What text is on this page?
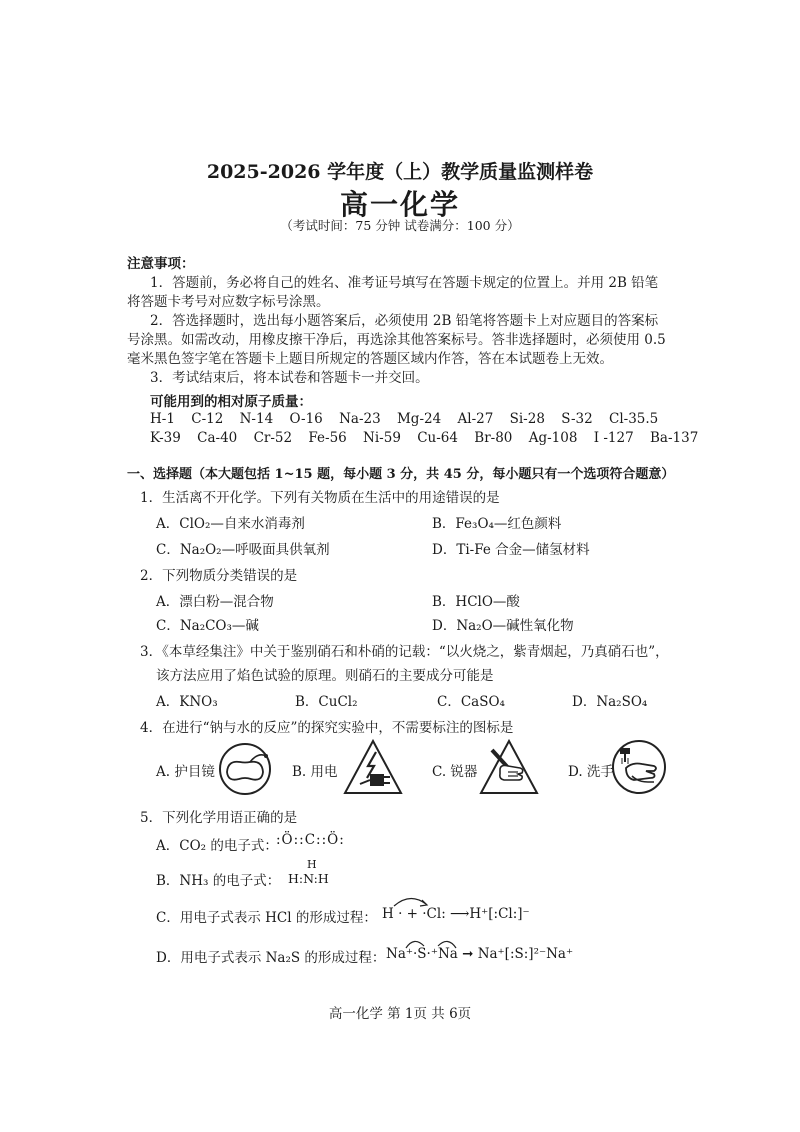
2025-2026 学年度（上）教学质量监测样卷
高一化学
（考试时间：75 分钟 试卷满分：100 分）
注意事项：
1．答题前，务必将自己的姓名、准考证号填写在答题卡规定的位置上。并用 2B 铅笔
将答题卡考号对应数字标号涂黑。
2．答选择题时，选出每小题答案后，必须使用 2B 铅笔将答题卡上对应题目的答案标
号涂黑。如需改动，用橡皮擦干净后，再选涂其他答案标号。答非选择题时，必须使用 0.5
毫米黑色签字笔在答题卡上题目所规定的答题区域内作答，答在本试题卷上无效。
3．考试结束后，将本试卷和答题卡一并交回。
可能用到的相对原子质量：
H-1 C-12 N-14 O-16 Na-23 Mg-24 Al-27 Si-28 S-32 Cl-35.5
K-39 Ca-40 Cr-52 Fe-56 Ni-59 Cu-64 Br-80 Ag-108 I -127 Ba-137
一、选择题（本大题包括 1~15 题，每小题 3 分，共 45 分，每小题只有一个选项符合题意）
1．生活离不开化学。下列有关物质在生活中的用途错误的是
A．ClO₂—自来水消毒剂	B．Fe₃O₄—红色颜料
C．Na₂O₂—呼吸面具供氧剂	D．Ti-Fe 合金—储氢材料
2．下列物质分类错误的是
A．漂白粉—混合物	B．HClO—酸
C．Na₂CO₃—碱	D．Na₂O—碱性氧化物
3．《本草经集注》中关于鉴别硝石和朴硝的记载：“以火烧之，紫青烟起，乃真硝石也”，
该方法应用了焰色试验的原理。则硝石的主要成分可能是
A．KNO₃	B．CuCl₂	C．CaSO₄	D．Na₂SO₄
4．在进行“钠与水的反应”的探究实验中，不需要标注的图标是
A. 护目镜	B. 用电	C. 锐器	D. 洗手
5．下列化学用语正确的是
A．CO₂ 的电子式：
:Ö::C::Ö:
H
B．NH₃ 的电子式： H:N:H
C．用电子式表示 HCl 的形成过程： H · + ·Cl: ⟶H⁺[:Cl:]⁻
D．用电子式表示 Na₂S 的形成过程： Na⁺·S·⁺Na ➞ Na⁺[:S:]²⁻Na⁺
高一化学 第 1页 共 6页
